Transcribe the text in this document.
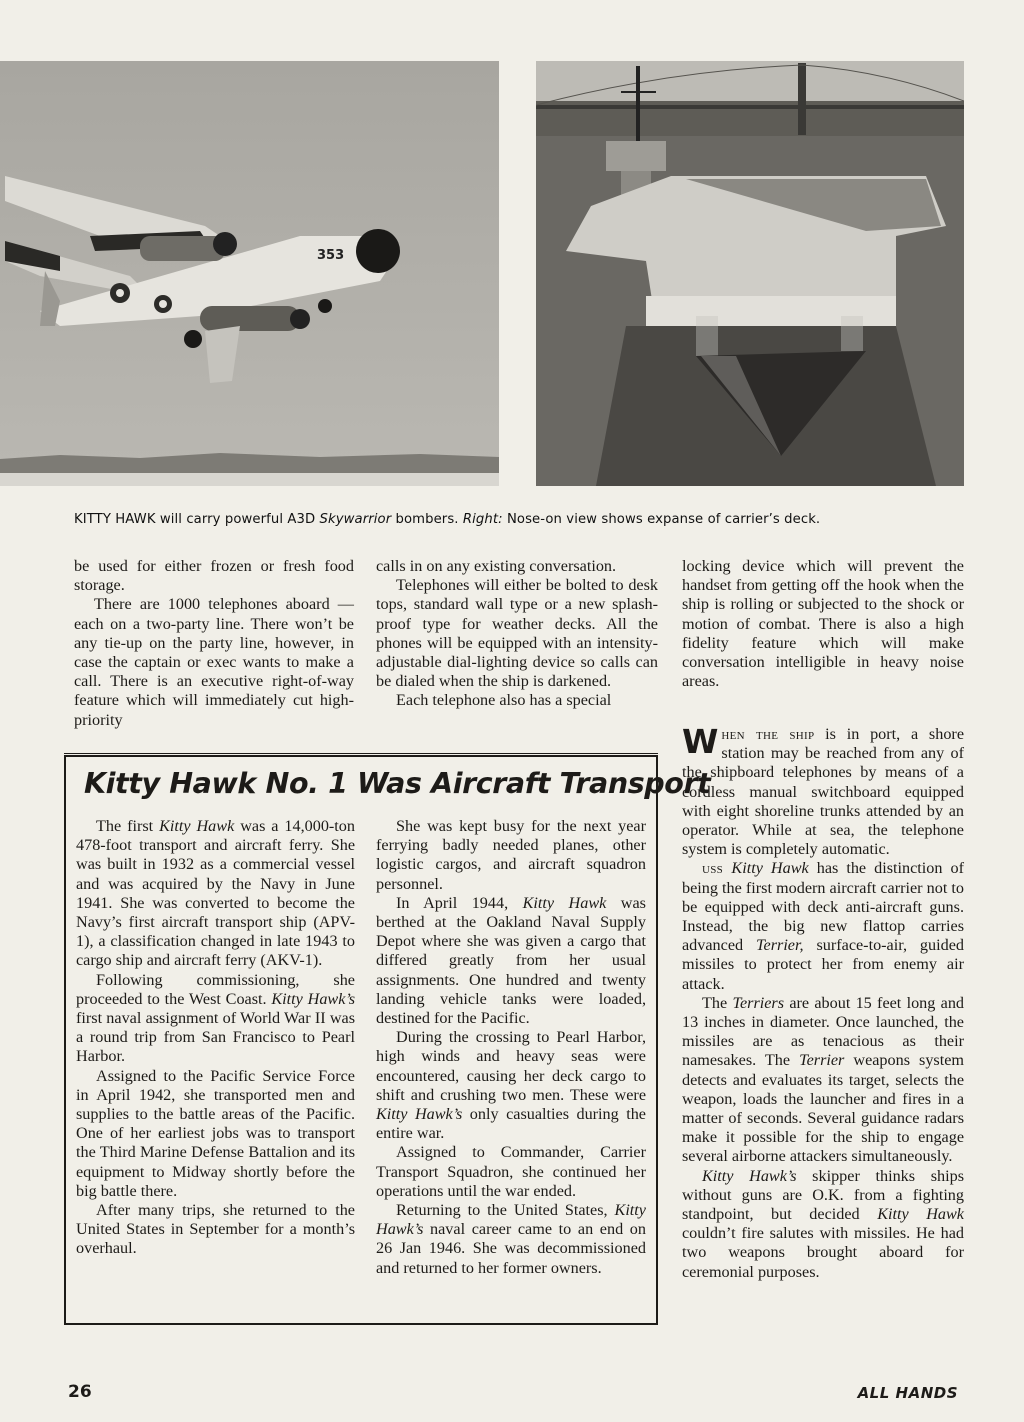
353
KITTY HAWK will carry powerful A3D Skywarrior bombers. Right: Nose-on view shows expanse of carrier’s deck.

be used for either frozen or fresh food storage.

There are 1000 telephones aboard —each on a two-party line. There won’t be any tie-up on the party line, however, in case the captain or exec wants to make a call. There is an executive right-of-way feature which will immediately cut high-priority

calls in on any existing conversation.

Telephones will either be bolted to desk tops, standard wall type or a new splash-proof type for weather decks. All the phones will be equipped with an intensity-adjustable dial-lighting device so calls can be dialed when the ship is darkened.

Each telephone also has a special

locking device which will prevent the handset from getting off the hook when the ship is rolling or subjected to the shock or motion of combat. There is also a high fidelity feature which will make conversation intelligible in heavy noise areas.

When the ship is in port, a shore station may be reached from any of the shipboard telephones by means of a cordless manual switchboard equipped with eight shoreline trunks attended by an operator. While at sea, the telephone system is completely automatic.

uss Kitty Hawk has the distinction of being the first modern aircraft carrier not to be equipped with deck anti-aircraft guns. Instead, the big new flattop carries advanced Terrier, surface-to-air, guided missiles to protect her from enemy air attack.

The Terriers are about 15 feet long and 13 inches in diameter. Once launched, the missiles are as tenacious as their namesakes. The Terrier weapons system detects and evaluates its target, selects the weapon, loads the launcher and fires in a matter of seconds. Several guidance radars make it possible for the ship to engage several airborne attackers simultaneously.

Kitty Hawk’s skipper thinks ships without guns are O.K. from a fighting standpoint, but decided Kitty Hawk couldn’t fire salutes with missiles. He had two weapons brought aboard for ceremonial purposes.

Kitty Hawk No. 1 Was Aircraft Transport

The first Kitty Hawk was a 14,000-ton 478-foot transport and aircraft ferry. She was built in 1932 as a commercial vessel and was acquired by the Navy in June 1941. She was converted to become the Navy’s first aircraft transport ship (APV-1), a classification changed in late 1943 to cargo ship and aircraft ferry (AKV-1).

Following commissioning, she proceeded to the West Coast. Kitty Hawk’s first naval assignment of World War II was a round trip from San Francisco to Pearl Harbor.

Assigned to the Pacific Service Force in April 1942, she transported men and supplies to the battle areas of the Pacific. One of her earliest jobs was to transport the Third Marine Defense Battalion and its equipment to Midway shortly before the big battle there.

After many trips, she returned to the United States in September for a month’s overhaul.

She was kept busy for the next year ferrying badly needed planes, other logistic cargos, and aircraft squadron personnel.

In April 1944, Kitty Hawk was berthed at the Oakland Naval Supply Depot where she was given a cargo that differed greatly from her usual assignments. One hundred and twenty landing vehicle tanks were loaded, destined for the Pacific.

During the crossing to Pearl Harbor, high winds and heavy seas were encountered, causing her deck cargo to shift and crushing two men. These were Kitty Hawk’s only casualties during the entire war.

Assigned to Commander, Carrier Transport Squadron, she continued her operations until the war ended.

Returning to the United States, Kitty Hawk’s naval career came to an end on 26 Jan 1946. She was decommissioned and returned to her former owners.

26	ALL HANDS
